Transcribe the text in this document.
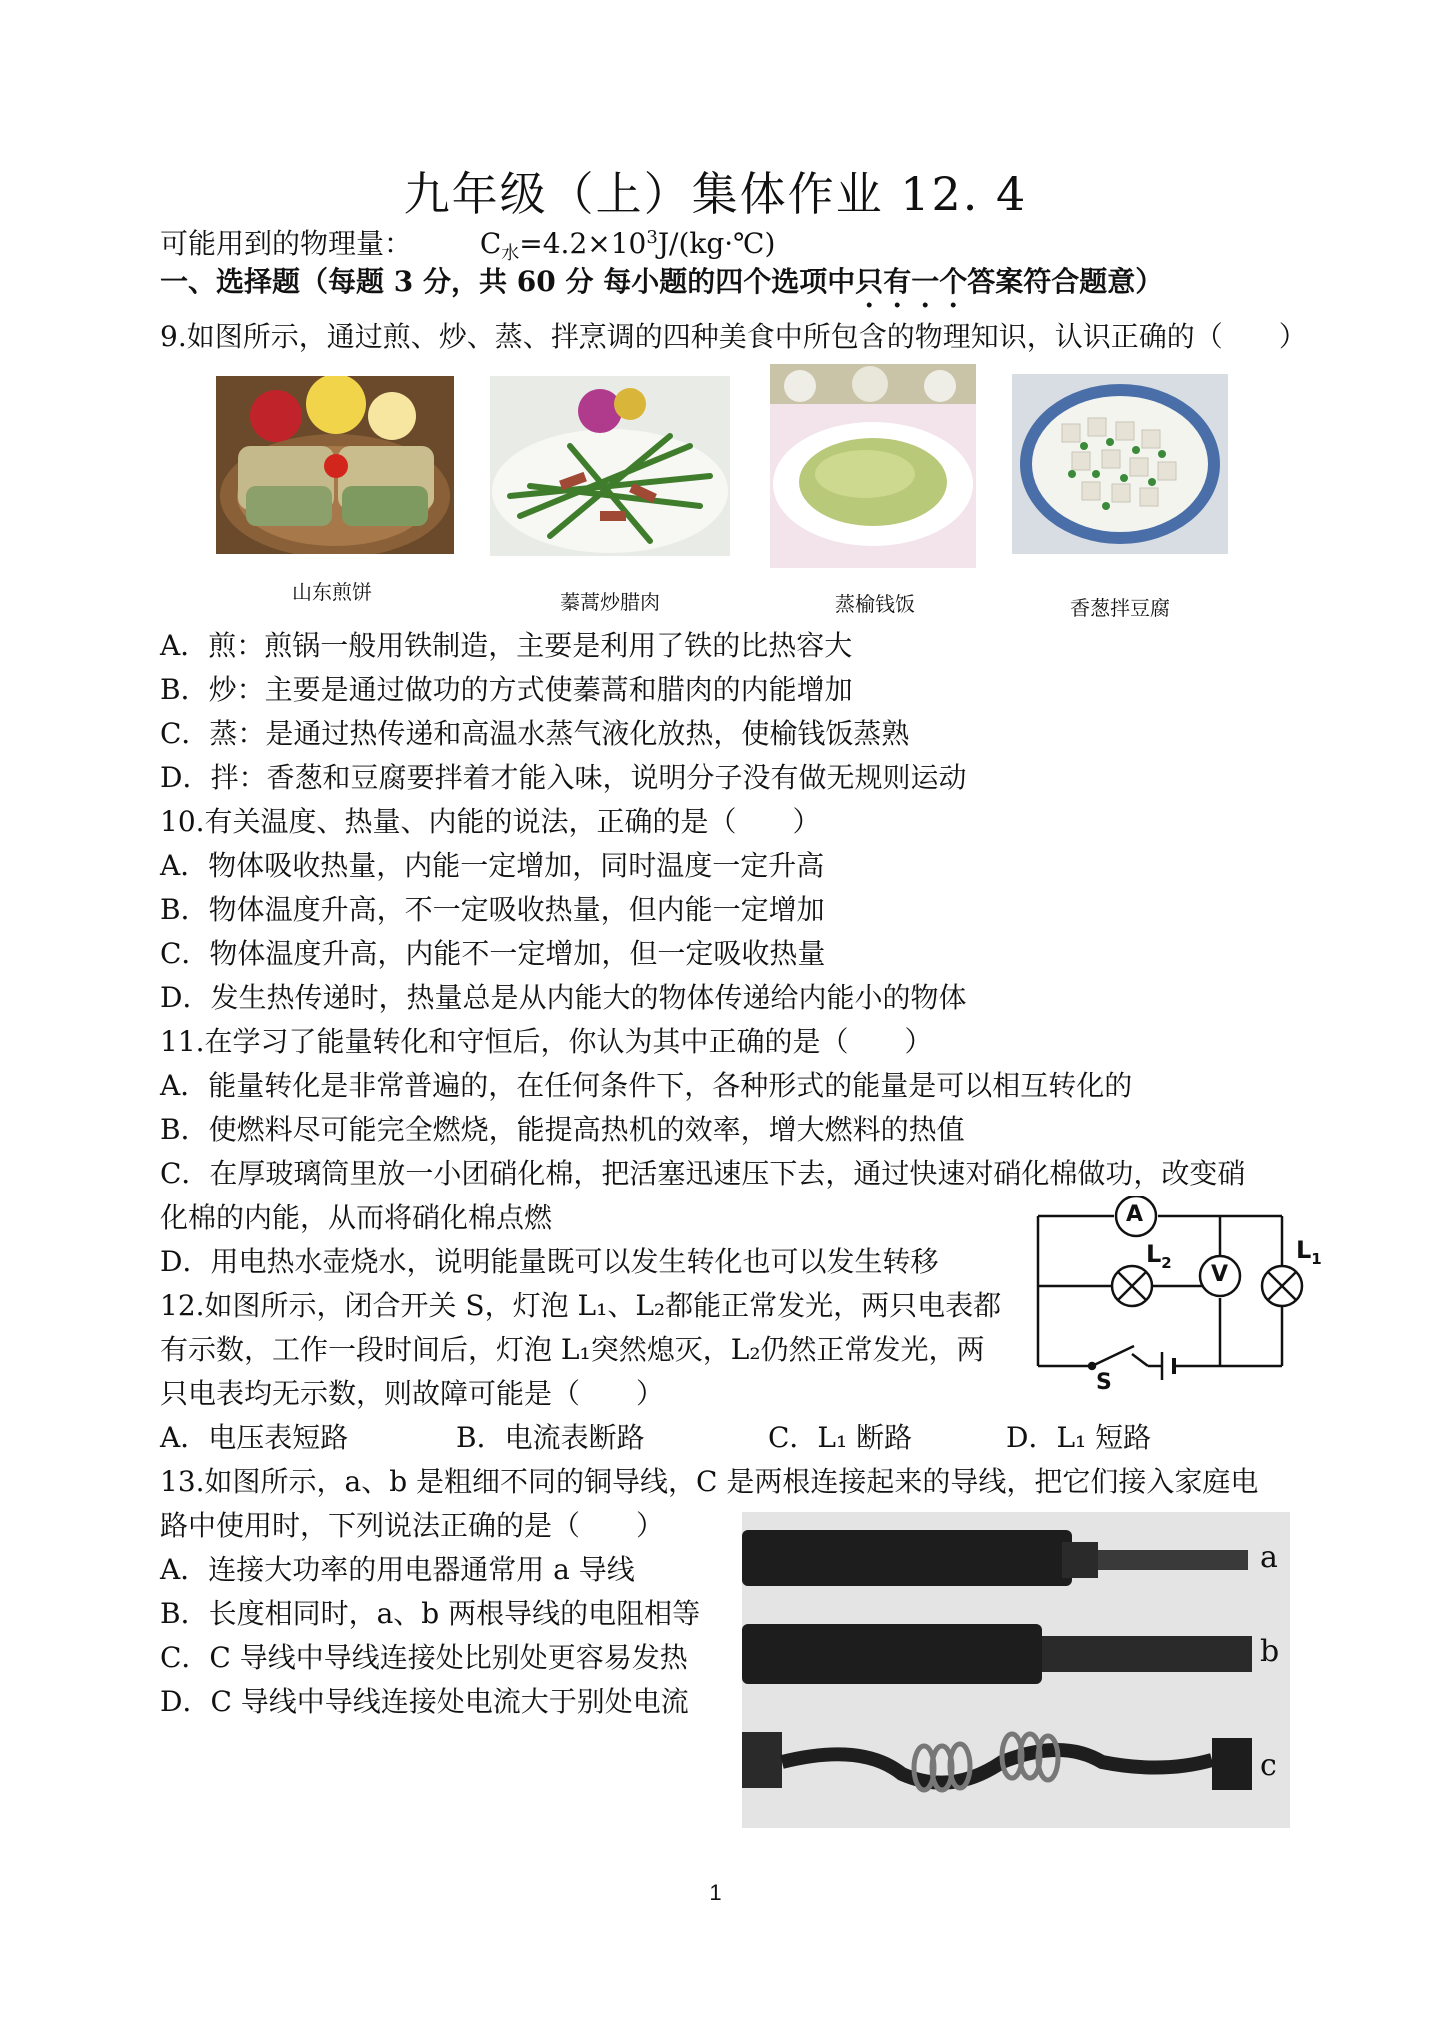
九年级（上）集体作业 12. 4
可能用到的物理量： $C_水=4.2\times 10^3J/(kg\cdot℃)$
一、选择题（每题 3 分，共 60 分 每小题的四个选项中只有一个答案符合题意）
9.如图所示，通过煎、炒、蒸、拌烹调的四种美食中所包含的物理知识，认识正确的（　　）
山东煎饼	蓁蒿炒腊肉	蒸榆钱饭	香葱拌豆腐
A．煎：煎锅一般用铁制造，主要是利用了铁的比热容大
B．炒：主要是通过做功的方式使蓁蒿和腊肉的内能增加
C．蒸：是通过热传递和高温水蒸气液化放热，使榆钱饭蒸熟
D．拌：香葱和豆腐要拌着才能入味，说明分子没有做无规则运动
10.有关温度、热量、内能的说法，正确的是（　　）
A．物体吸收热量，内能一定增加，同时温度一定升高
B．物体温度升高，不一定吸收热量，但内能一定增加
C．物体温度升高，内能不一定增加，但一定吸收热量
D．发生热传递时，热量总是从内能大的物体传递给内能小的物体
11.在学习了能量转化和守恒后，你认为其中正确的是（　　）
A．能量转化是非常普遍的，在任何条件下，各种形式的能量是可以相互转化的
B．使燃料尽可能完全燃烧，能提高热机的效率，增大燃料的热值
C．在厚玻璃筒里放一小团硝化棉，把活塞迅速压下去，通过快速对硝化棉做功，改变硝
化棉的内能，从而将硝化棉点燃
D．用电热水壶烧水，说明能量既可以发生转化也可以发生转移
A
V
$L_2$	$L_1$
S
12.如图所示，闭合开关 S，灯泡 L₁、L₂都能正常发光，两只电表都
有示数，工作一段时间后，灯泡 L₁突然熄灭，L₂仍然正常发光，两
只电表均无示数，则故障可能是（　　）
A．电压表短路	B．电流表断路	C．L₁ 断路	D．L₁ 短路
13.如图所示，a、b 是粗细不同的铜导线，C 是两根连接起来的导线，把它们接入家庭电
路中使用时，下列说法正确的是（　　）
A．连接大功率的用电器通常用 a 导线
B．长度相同时，a、b 两根导线的电阻相等
C．C 导线中导线连接处比别处更容易发热
D．C 导线中导线连接处电流大于别处电流
a
b
c
1
